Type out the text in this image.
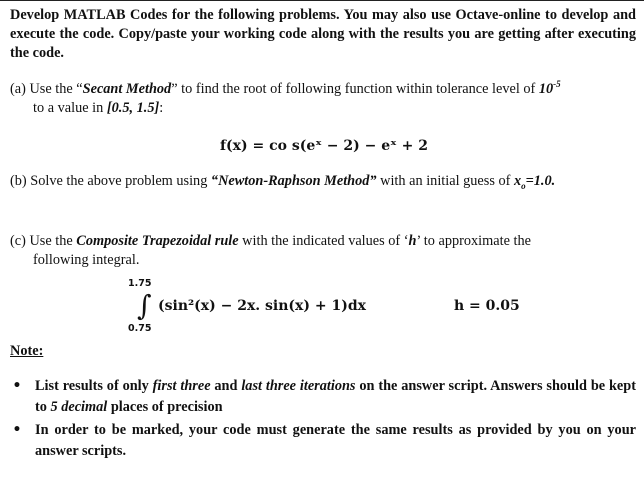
Develop MATLAB Codes for the following problems. You may also use Octave-online to develop and execute the code. Copy/paste your working code along with the results you are getting after executing the code.
(a) Use the “Secant Method” to find the root of following function within tolerance level of $10^{-5}$
to a value in [0.5, 1.5]:
f(x) = co s(eˣ − 2) − eˣ + 2
(b) Solve the above problem using “Newton-Raphson Method” with an initial guess of $x_o=1.0$.
(c) Use the Composite Trapezoidal rule with the indicated values of ‘h’ to approximate the
following integral.
1.75
∫
0.75
(sin²(x) − 2x. sin(x) + 1)dx	h = 0.05
Note:
• List results of only first three and last three iterations on the answer script. Answers should be kept to 5 decimal places of precision
• In order to be marked, your code must generate the same results as provided by you on your answer scripts.
